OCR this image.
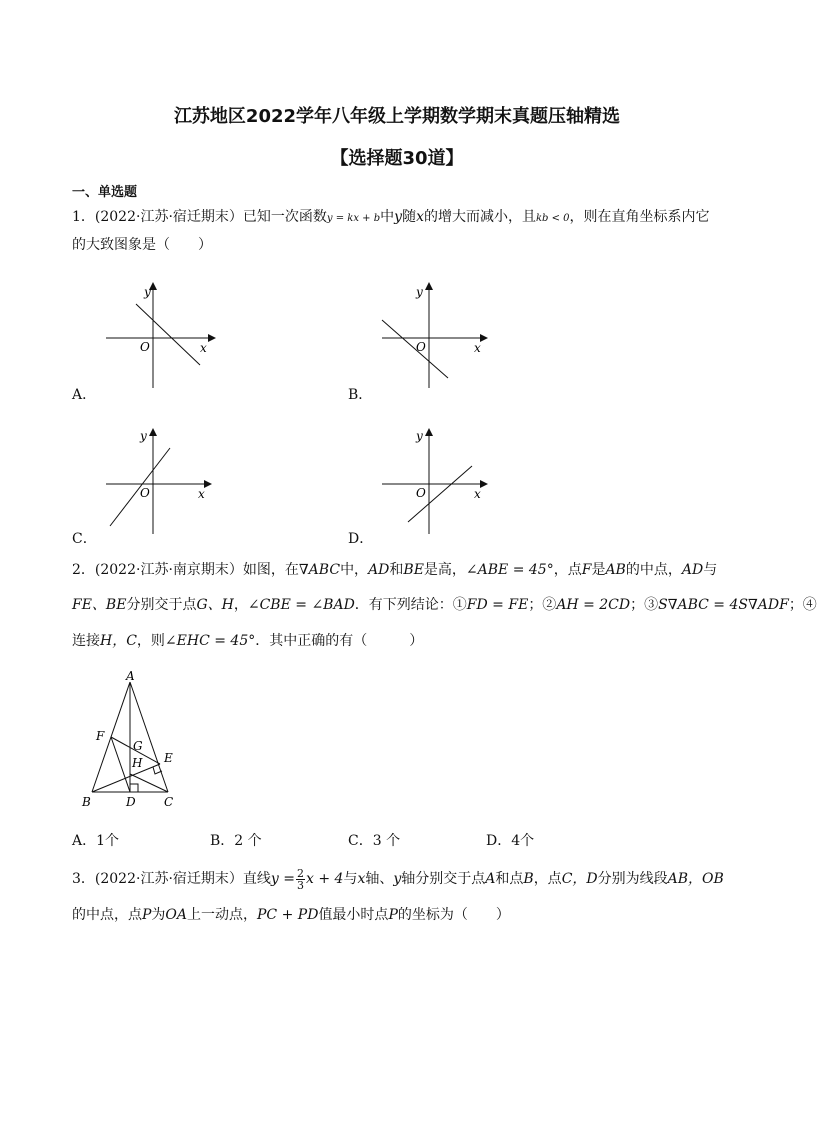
江苏地区2022学年八年级上学期数学期末真题压轴精选
【选择题30道】
一、单选题
1．(2022·江苏·宿迁期末）已知一次函数y = kx + b中y随x的增大而减小，且kb < 0，则在直角坐标系内它
的大致图象是（　　）
y
x
O
A．
y
x
O
B．
y
x
O
C．
y
x
O
D．
2．(2022·江苏·南京期末）如图，在∇ABC中，AD和BE是高，∠ABE = 45°，点F是AB的中点，AD与
FE、BE分别交于点G、H，∠CBE = ∠BAD．有下列结论：①FD = FE；②AH = 2CD；③S∇ABC = 4S∇ADF；④
连接H，C，则∠EHC = 45°．其中正确的有（　　　）
A
F
G
H E
B	D C
A．1个	B．2 个	C．3 个	D．4个
3．(2022·江苏·宿迁期末）直线$y = \frac{2}{3}$ x + 4与x轴、y轴分别交于点A和点B，点C，D分别为线段AB，OB
的中点，点P为OA上一动点，PC + PD值最小时点P的坐标为（　　）
